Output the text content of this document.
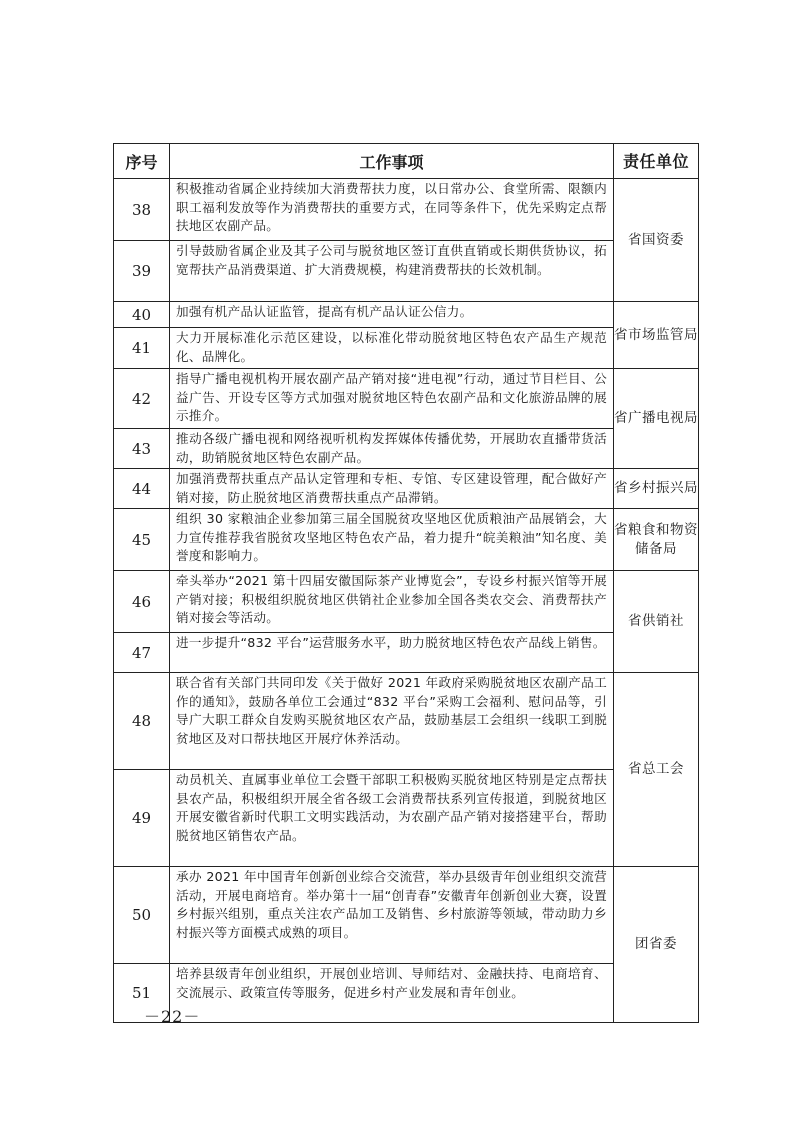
序号	工作事项	责任单位
38	积极推动省属企业持续加大消费帮扶力度，以日常办公、食堂所需、限额内职工福利发放等作为消费帮扶的重要方式，在同等条件下，优先采购定点帮扶地区农副产品。	省国资委
39	引导鼓励省属企业及其子公司与脱贫地区签订直供直销或长期供货协议，拓宽帮扶产品消费渠道、扩大消费规模，构建消费帮扶的长效机制。	
40	加强有机产品认证监管，提高有机产品认证公信力。	省市场监管局
41	大力开展标准化示范区建设，以标准化带动脱贫地区特色农产品生产规范化、品牌化。	
42	指导广播电视机构开展农副产品产销对接“进电视”行动，通过节目栏目、公益广告、开设专区等方式加强对脱贫地区特色农副产品和文化旅游品牌的展示推介。	省广播电视局
43	推动各级广播电视和网络视听机构发挥媒体传播优势，开展助农直播带货活动，助销脱贫地区特色农副产品。	
44	加强消费帮扶重点产品认定管理和专柜、专馆、专区建设管理，配合做好产销对接，防止脱贫地区消费帮扶重点产品滞销。	省乡村振兴局
45	组织 30 家粮油企业参加第三届全国脱贫攻坚地区优质粮油产品展销会，大力宣传推荐我省脱贫攻坚地区特色农产品，着力提升“皖美粮油”知名度、美誉度和影响力。	省粮食和物资储备局
46	牵头举办“2021 第十四届安徽国际茶产业博览会”，专设乡村振兴馆等开展产销对接；积极组织脱贫地区供销社企业参加全国各类农交会、消费帮扶产销对接会等活动。	省供销社
47	进一步提升“832 平台”运营服务水平，助力脱贫地区特色农产品线上销售。	
48	联合省有关部门共同印发《关于做好 2021 年政府采购脱贫地区农副产品工作的通知》，鼓励各单位工会通过“832 平台”采购工会福利、慰问品等，引导广大职工群众自发购买脱贫地区农产品，鼓励基层工会组织一线职工到脱贫地区及对口帮扶地区开展疗休养活动。	省总工会
49	动员机关、直属事业单位工会暨干部职工积极购买脱贫地区特别是定点帮扶县农产品，积极组织开展全省各级工会消费帮扶系列宣传报道，到脱贫地区开展安徽省新时代职工文明实践活动，为农副产品产销对接搭建平台，帮助脱贫地区销售农产品。	
50	承办 2021 年中国青年创新创业综合交流营，举办县级青年创业组织交流营活动，开展电商培育。举办第十一届“创青春”安徽青年创新创业大赛，设置乡村振兴组别，重点关注农产品加工及销售、乡村旅游等领域，带动助力乡村振兴等方面模式成熟的项目。	团省委
51	培养县级青年创业组织，开展创业培训、导师结对、金融扶持、电商培育、交流展示、政策宣传等服务，促进乡村产业发展和青年创业。	
－22－
